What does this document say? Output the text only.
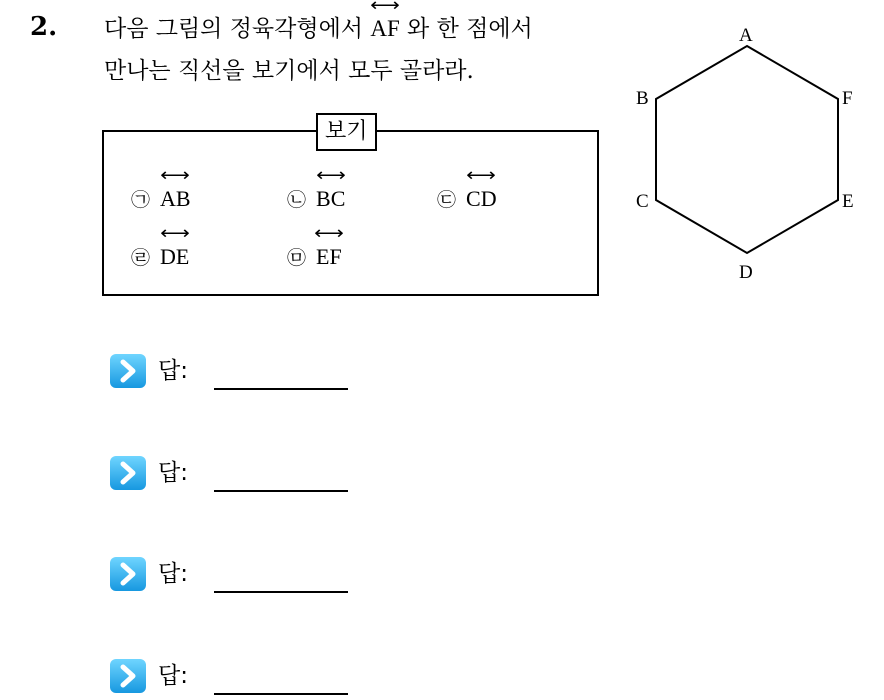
2. 다음 그림의 정육각형에서 ⟷ AF 와 한 점에서
만나는 직선을 보기에서 모두 골라라.
보기
㉠ ⟷ AB	㉡ ⟷ BC	㉢ ⟷ CD
㉣ ⟷ DE	㉤ ⟷ EF
A
B	F
C	E
D
답:
답:
답:
답:
